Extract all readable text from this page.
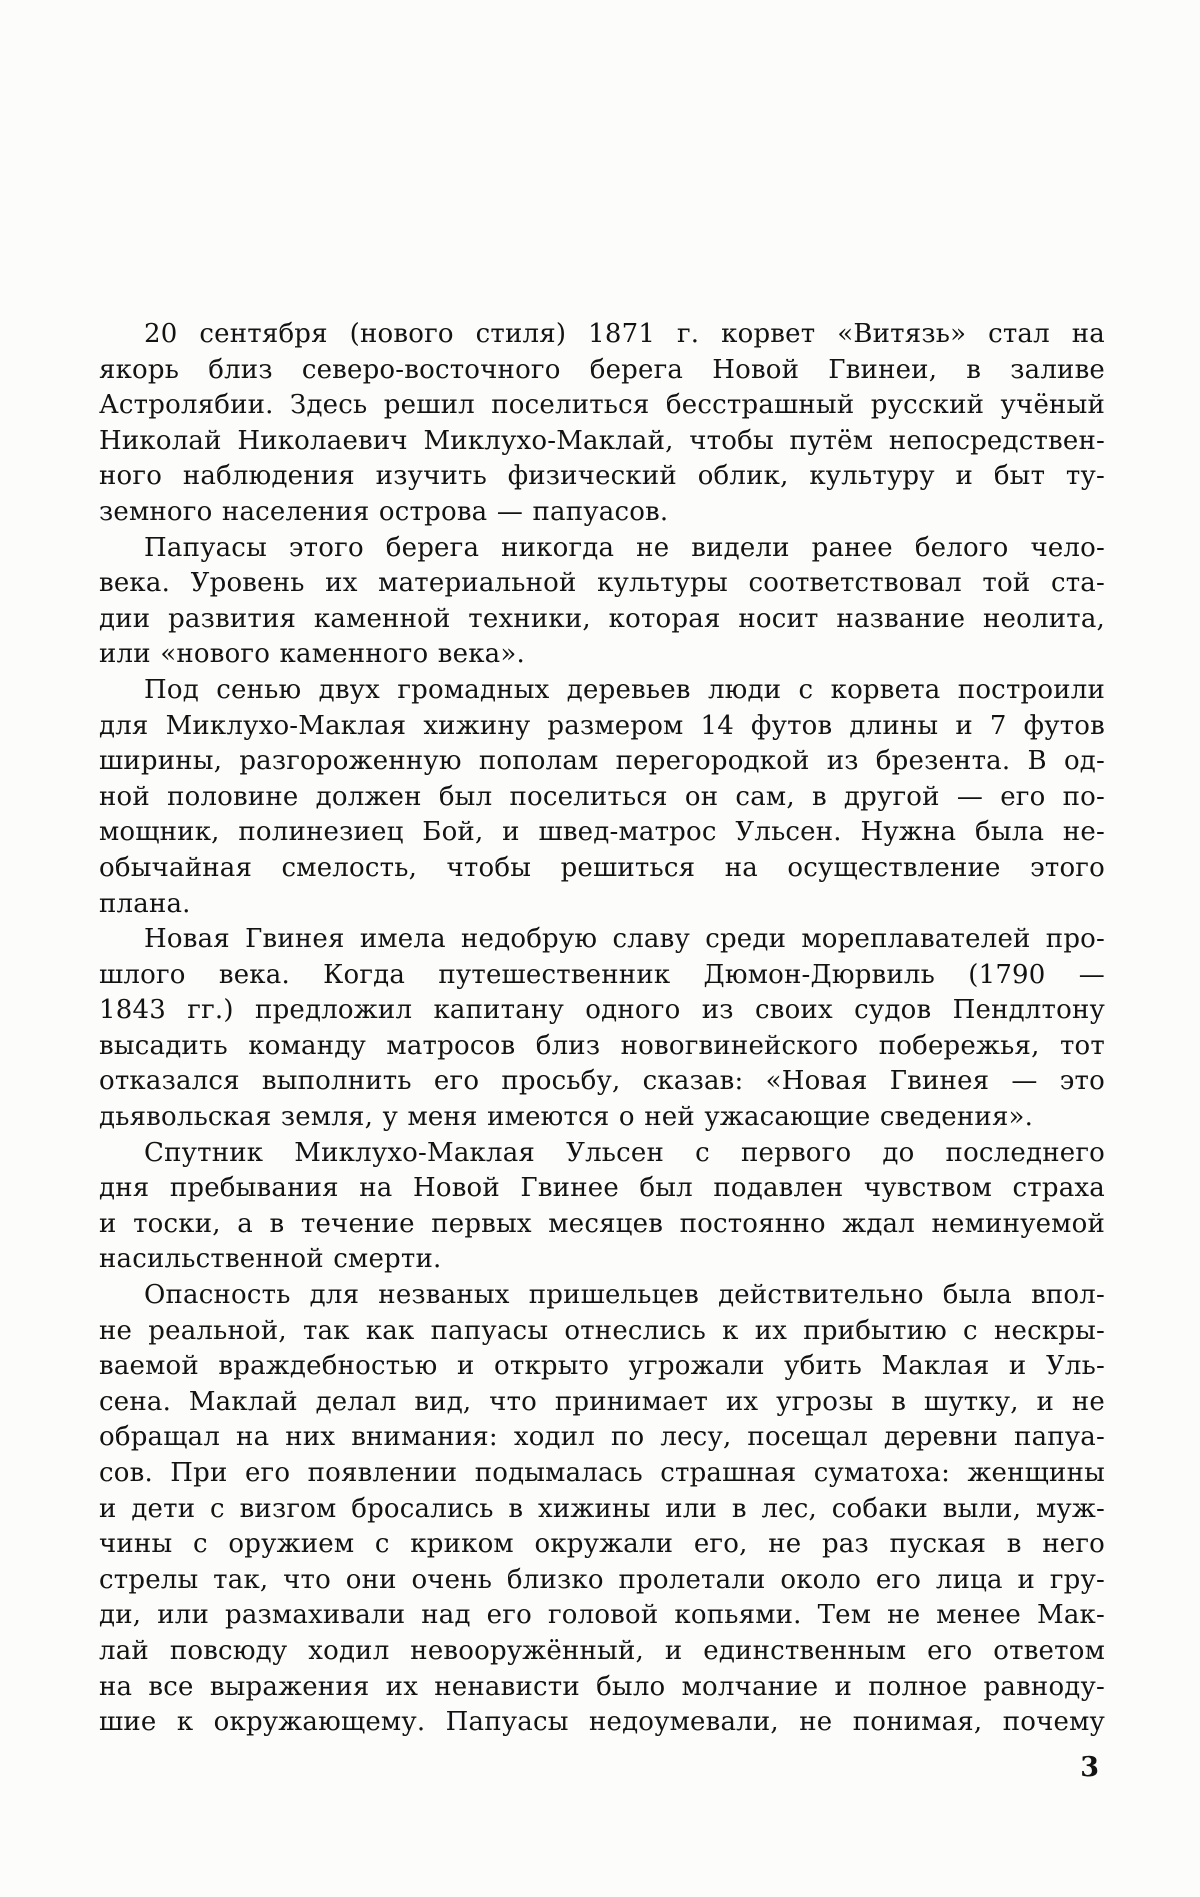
20 сентября (нового стиля) 1871 г. корвет «Витязь» стал на
якорь близ северо-восточного берега Новой Гвинеи, в заливе
Астролябии. Здесь решил поселиться бесстрашный русский учёный
Николай Николаевич Миклухо-Маклай, чтобы путём непосредствен-
ного наблюдения изучить физический облик, культуру и быт ту-
земного населения острова — папуасов.
Папуасы этого берега никогда не видели ранее белого чело-
века. Уровень их материальной культуры соответствовал той ста-
дии развития каменной техники, которая носит название неолита,
или «нового каменного века».
Под сенью двух громадных деревьев люди с корвета построили
для Миклухо-Маклая хижину размером 14 футов длины и 7 футов
ширины, разгороженную пополам перегородкой из брезента. В од-
ной половине должен был поселиться он сам, в другой — его по-
мощник, полинезиец Бой, и швед-матрос Ульсен. Нужна была не-
обычайная смелость, чтобы решиться на осуществление этого
плана.
Новая Гвинея имела недобрую славу среди мореплавателей про-
шлого века. Когда путешественник Дюмон-Дюрвиль (1790 —
1843 гг.) предложил капитану одного из своих судов Пендлтону
высадить команду матросов близ новогвинейского побережья, тот
отказался выполнить его просьбу, сказав: «Новая Гвинея — это
дьявольская земля, у меня имеются о ней ужасающие сведения».
Спутник Миклухо-Маклая Ульсен с первого до последнего
дня пребывания на Новой Гвинее был подавлен чувством страха
и тоски, а в течение первых месяцев постоянно ждал неминуемой
насильственной смерти.
Опасность для незваных пришельцев действительно была впол-
не реальной, так как папуасы отнеслись к их прибытию с нескры-
ваемой враждебностью и открыто угрожали убить Маклая и Уль-
сена. Маклай делал вид, что принимает их угрозы в шутку, и не
обращал на них внимания: ходил по лесу, посещал деревни папуа-
сов. При его появлении подымалась страшная суматоха: женщины
и дети с визгом бросались в хижины или в лес, собаки выли, муж-
чины с оружием с криком окружали его, не раз пуская в него
стрелы так, что они очень близко пролетали около его лица и гру-
ди, или размахивали над его головой копьями. Тем не менее Мак-
лай повсюду ходил невооружённый, и единственным его ответом
на все выражения их ненависти было молчание и полное равноду-
шие к окружающему. Папуасы недоумевали, не понимая, почему
3
